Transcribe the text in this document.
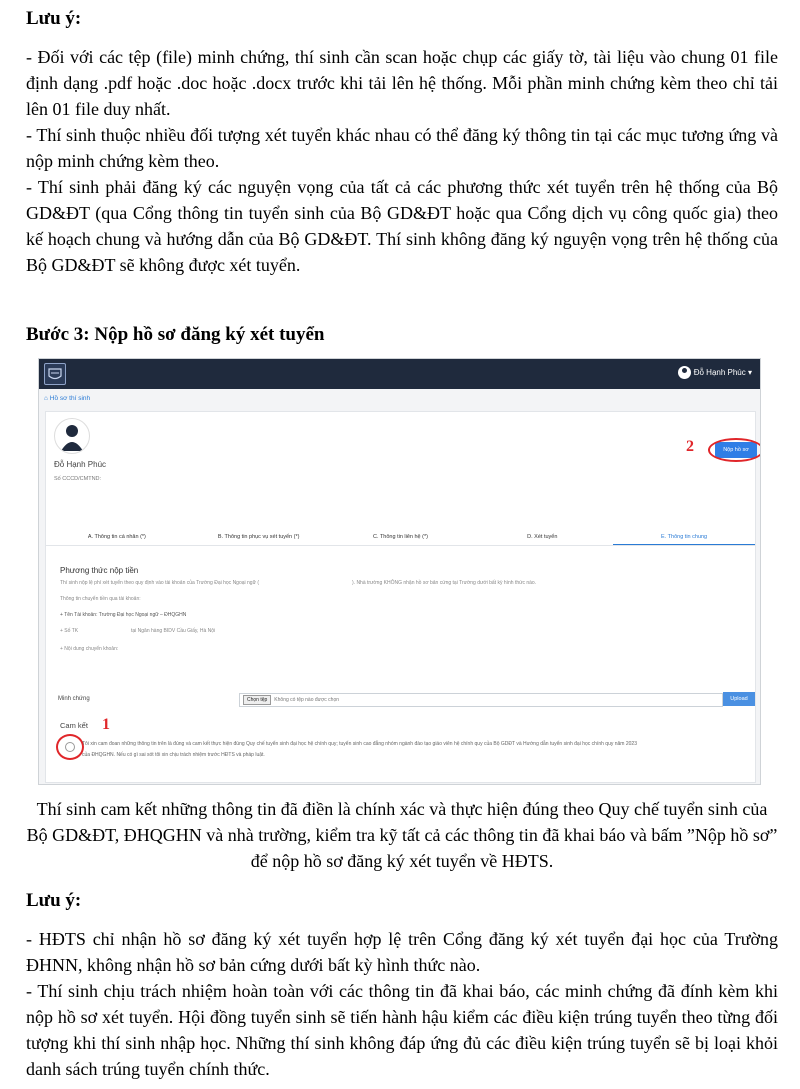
Lưu ý:

- Đối với các tệp (file) minh chứng, thí sinh cần scan hoặc chụp các giấy tờ, tài liệu vào chung 01 file định dạng .pdf hoặc .doc hoặc .docx trước khi tải lên hệ thống. Mỗi phần minh chứng kèm theo chỉ tải lên 01 file duy nhất.

- Thí sinh thuộc nhiều đối tượng xét tuyển khác nhau có thể đăng ký thông tin tại các mục tương ứng và nộp minh chứng kèm theo.

- Thí sinh phải đăng ký các nguyện vọng của tất cả các phương thức xét tuyển trên hệ thống của Bộ GD&ĐT (qua Cổng thông tin tuyển sinh của Bộ GD&ĐT hoặc qua Cổng dịch vụ công quốc gia) theo kế hoạch chung và hướng dẫn của Bộ GD&ĐT. Thí sinh không đăng ký nguyện vọng trên hệ thống của Bộ GD&ĐT sẽ không được xét tuyển.

Bước 3: Nộp hồ sơ đăng ký xét tuyển
Đỗ Hạnh Phúc ▾
⌂ Hồ sơ thí sinh
Đỗ Hạnh Phúc
Số CCCD/CMTND:
Nộp hồ sơ
2
A. Thông tin cá nhân (*)	B. Thông tin phục vụ xét tuyển (*)	C. Thông tin liên hệ (*)	D. Xét tuyển	E. Thông tin chung
Phương thức nộp tiền
Thí sinh nộp lệ phí xét tuyển theo quy định vào tài khoản của Trường Đại học Ngoại ngữ (	). Nhà trường KHÔNG nhận hồ sơ bản cứng tại Trường dưới bất kỳ hình thức nào.
Thông tin chuyển tiền qua tài khoản:
+ Tên Tài khoản: Trường Đại học Ngoại ngữ – ĐHQGHN
+ Số TK	tại Ngân hàng BIDV Cầu Giấy, Hà Nội
+ Nội dung chuyển khoản:
Minh chứng	Chọn tệp	Không có tệp nào được chọn	Upload
Cam kết 1
Tôi xin cam đoan những thông tin trên là đúng và cam kết thực hiện đúng Quy chế tuyển sinh đại học hệ chính quy; tuyển sinh cao đẳng nhóm ngành đào tạo giáo viên hệ chính quy của Bộ GDĐT và Hướng dẫn tuyển sinh đại học chính quy năm 2023
của ĐHQGHN. Nếu có gì sai sót tôi xin chịu trách nhiệm trước HĐTS và pháp luật.
Thí sinh cam kết những thông tin đã điền là chính xác và thực hiện đúng theo Quy chế tuyển sinh của Bộ GD&ĐT, ĐHQGHN và nhà trường, kiểm tra kỹ tất cả các thông tin đã khai báo và bấm ”Nộp hồ sơ” để nộp hồ sơ đăng ký xét tuyển về HĐTS.
Lưu ý:

- HĐTS chỉ nhận hồ sơ đăng ký xét tuyển hợp lệ trên Cổng đăng ký xét tuyển đại học của Trường ĐHNN, không nhận hồ sơ bản cứng dưới bất kỳ hình thức nào.

- Thí sinh chịu trách nhiệm hoàn toàn với các thông tin đã khai báo, các minh chứng đã đính kèm khi nộp hồ sơ xét tuyển. Hội đồng tuyển sinh sẽ tiến hành hậu kiểm các điều kiện trúng tuyển theo từng đối tượng khi thí sinh nhập học. Những thí sinh không đáp ứng đủ các điều kiện trúng tuyển sẽ bị loại khỏi danh sách trúng tuyển chính thức.
